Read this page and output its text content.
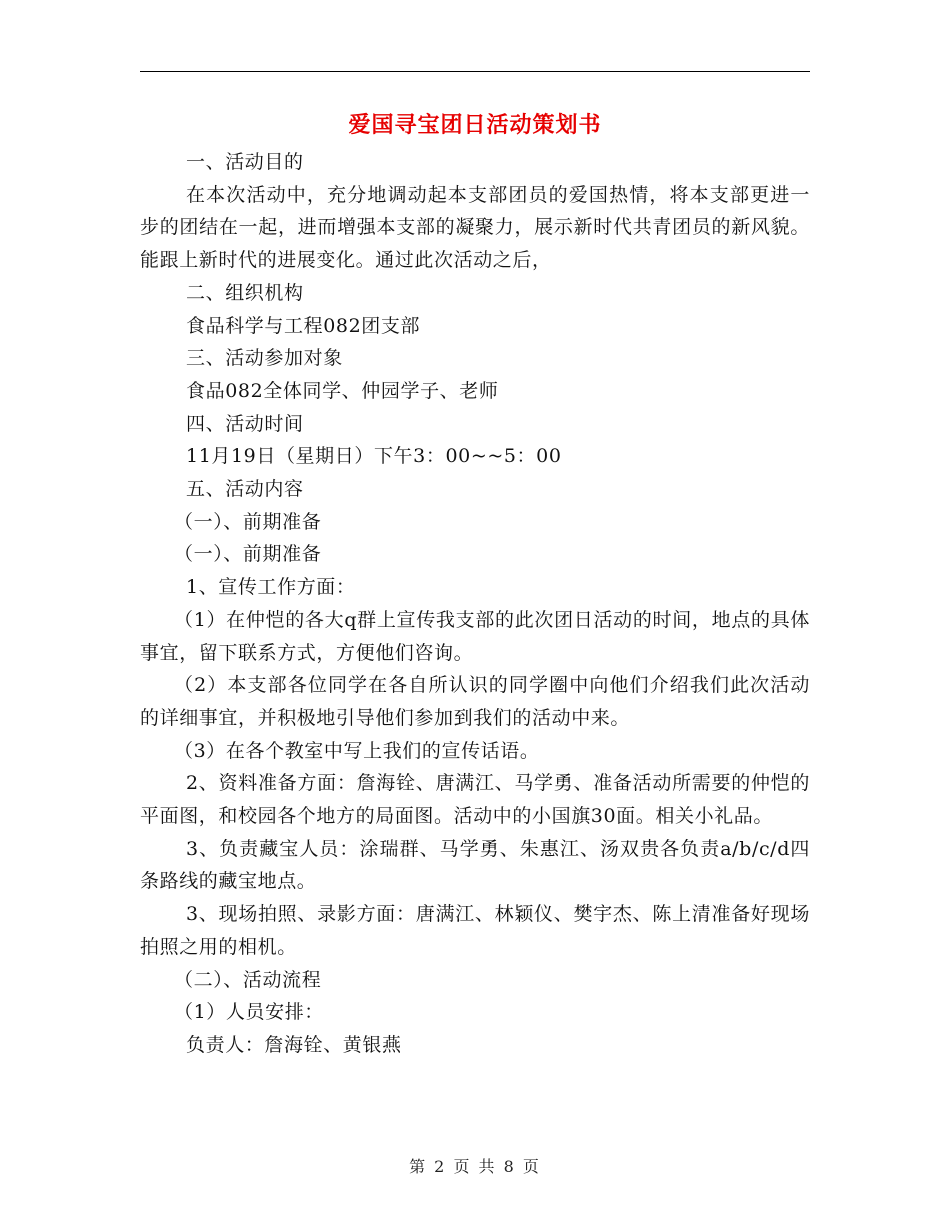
爱国寻宝团日活动策划书

一、活动目的

在本次活动中，充分地调动起本支部团员的爱国热情，将本支部更进一步的团结在一起，进而增强本支部的凝聚力，展示新时代共青团员的新风貌。能跟上新时代的进展变化。通过此次活动之后，

二、组织机构

食品科学与工程082团支部

三、活动参加对象

食品082全体同学、仲园学子、老师

四、活动时间

11月19日（星期日）下午3：00~~5：00

五、活动内容

（一）、前期准备

（一）、前期准备

1、宣传工作方面：

（1）在仲恺的各大q群上宣传我支部的此次团日活动的时间，地点的具体事宜，留下联系方式，方便他们咨询。

（2）本支部各位同学在各自所认识的同学圈中向他们介绍我们此次活动的详细事宜，并积极地引导他们参加到我们的活动中来。

（3）在各个教室中写上我们的宣传话语。

2、资料准备方面：詹海铨、唐满江、马学勇、准备活动所需要的仲恺的平面图，和校园各个地方的局面图。活动中的小国旗30面。相关小礼品。

3、负责藏宝人员：涂瑞群、马学勇、朱惠江、汤双贵各负责a/b/c/d四条路线的藏宝地点。

3、现场拍照、录影方面：唐满江、林颖仪、樊宇杰、陈上清准备好现场拍照之用的相机。

（二）、活动流程

（1）人员安排：

负责人：詹海铨、黄银燕

第 2 页 共 8 页
